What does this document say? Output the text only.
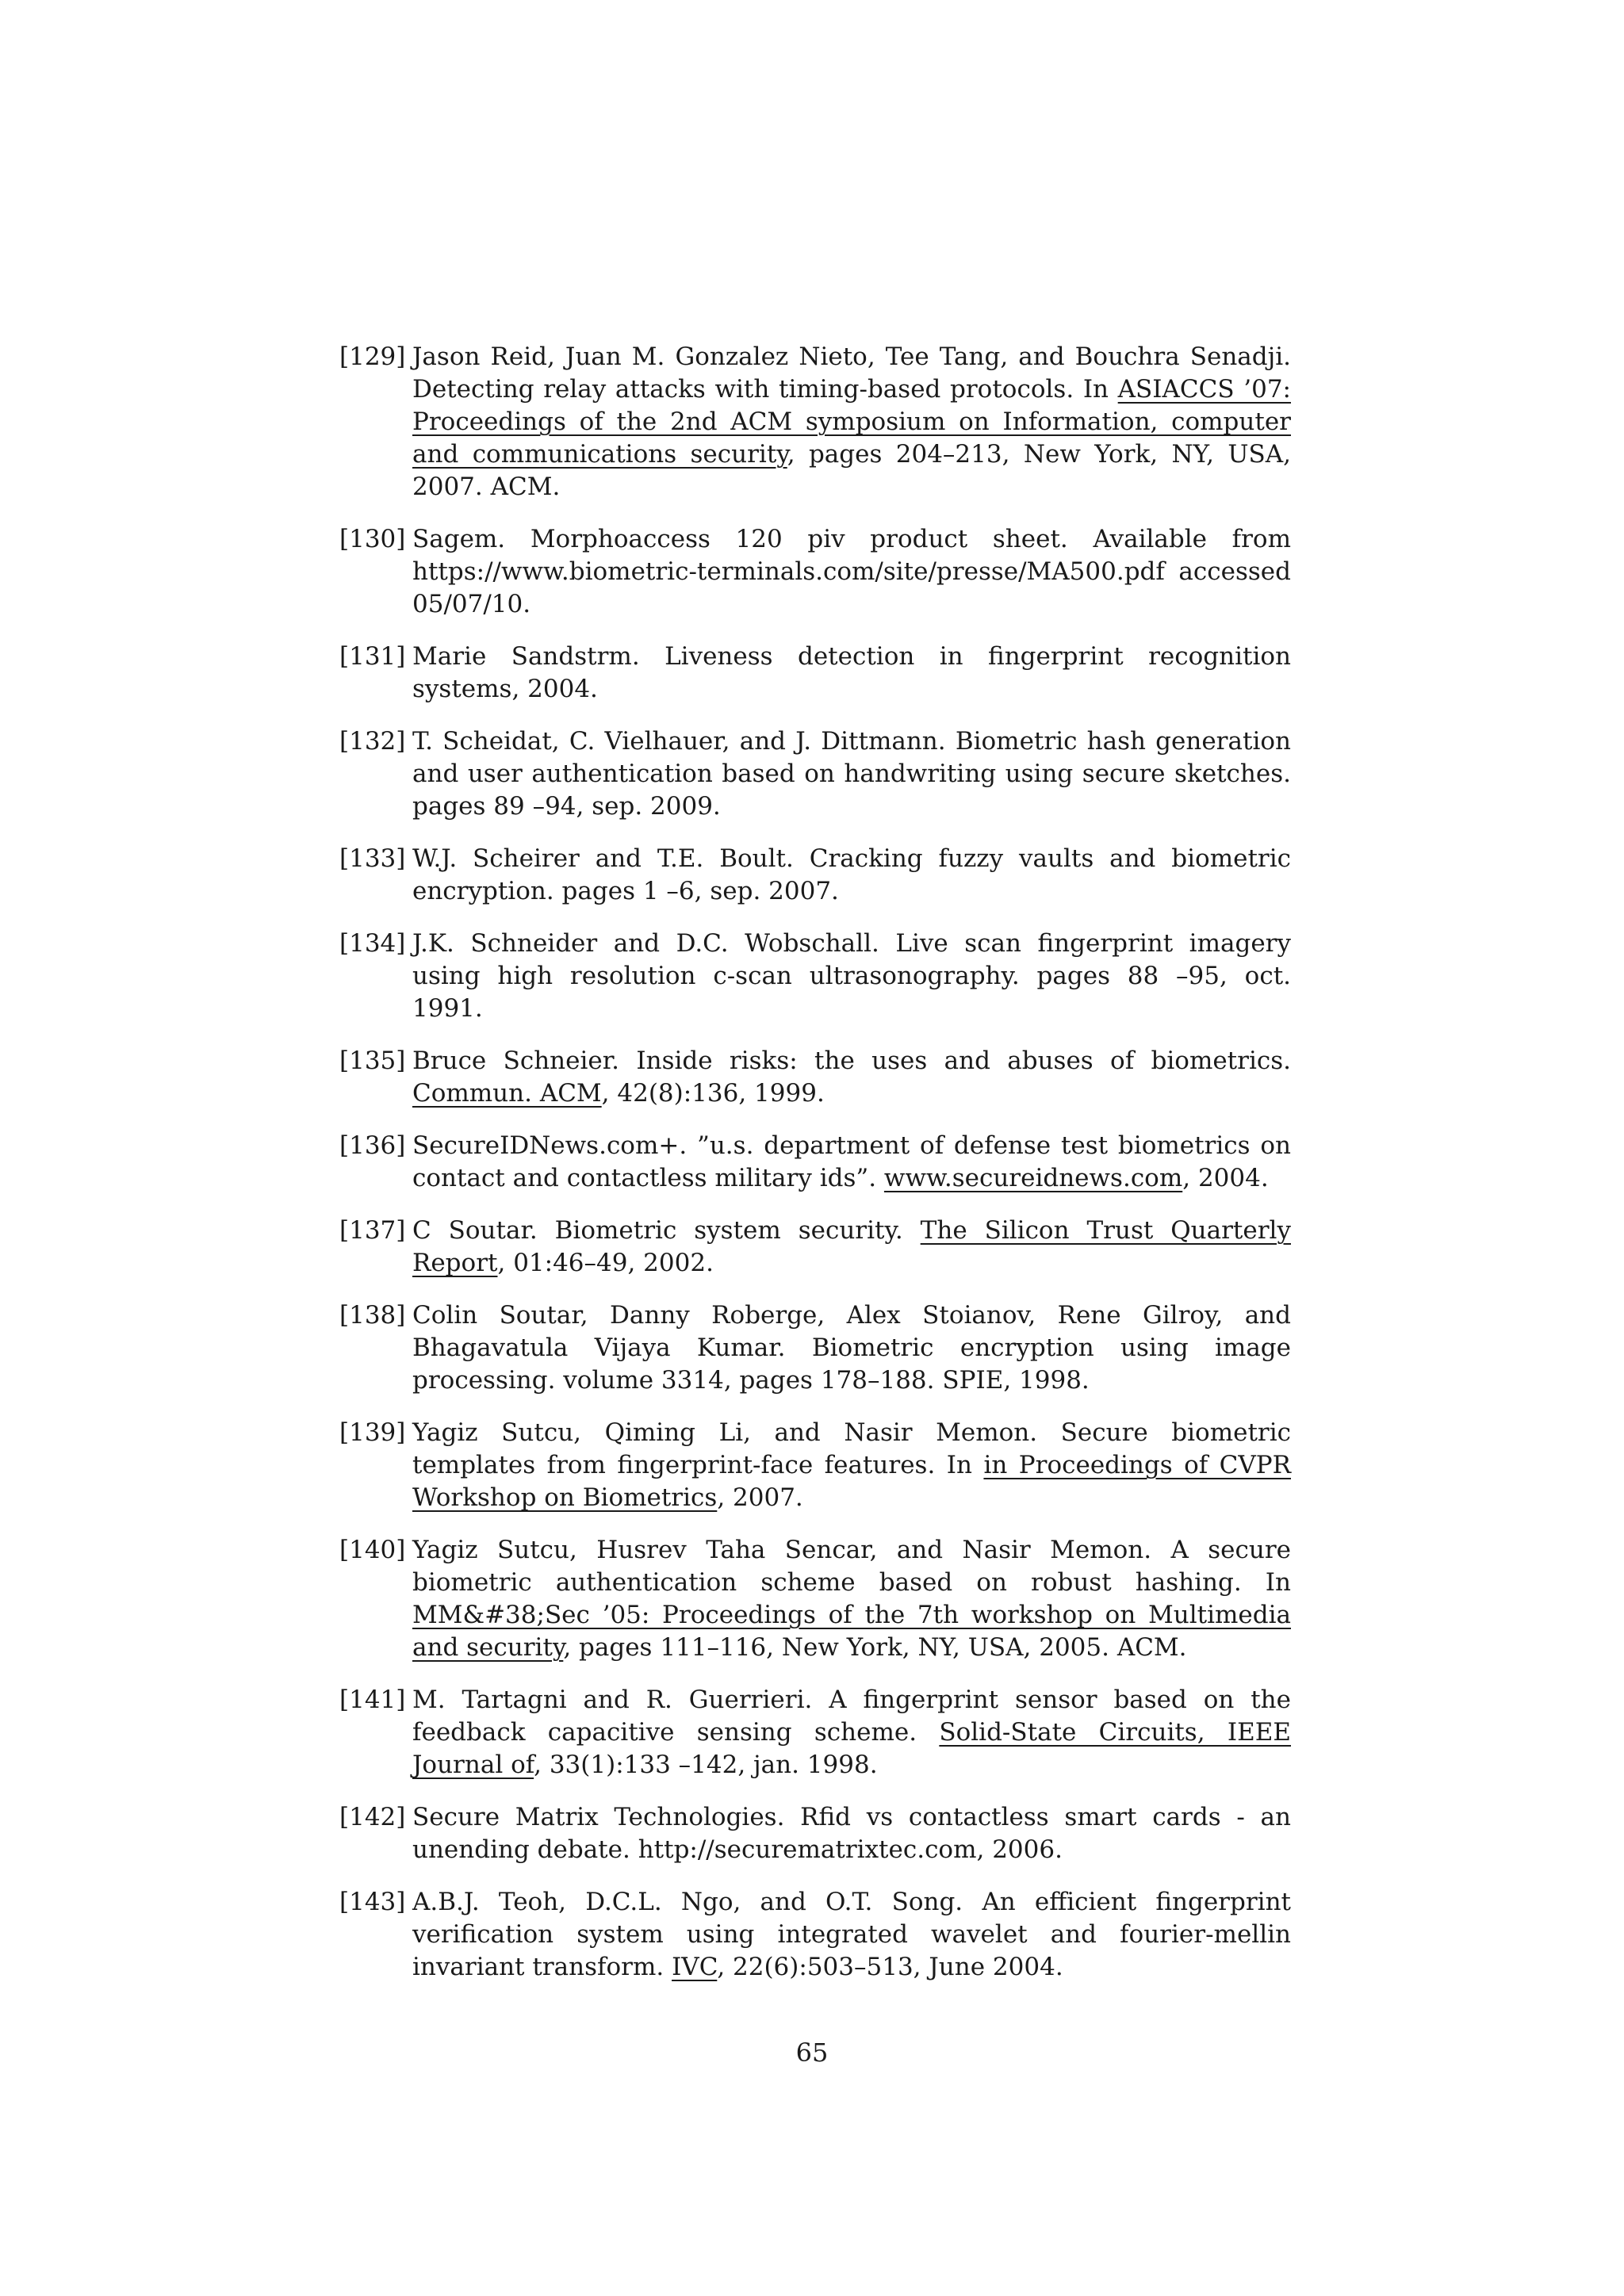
[129] Jason Reid, Juan M. Gonzalez Nieto, Tee Tang, and Bouchra Senadji. Detecting relay attacks with timing-based protocols. In ASIACCS ’07: Proceedings of the 2nd ACM symposium on Information, computer and communications security, pages 204–213, New York, NY, USA, 2007. ACM.
[130] Sagem. Morphoaccess 120 piv product sheet. Available from https://www.biometric-terminals.com/site/presse/MA500.pdf accessed 05/07/10.
[131] Marie Sandstrm. Liveness detection in fingerprint recognition systems, 2004.
[132] T. Scheidat, C. Vielhauer, and J. Dittmann. Biometric hash generation and user authentication based on handwriting using secure sketches. pages 89 –94, sep. 2009.
[133] W.J. Scheirer and T.E. Boult. Cracking fuzzy vaults and biometric encryption. pages 1 –6, sep. 2007.
[134] J.K. Schneider and D.C. Wobschall. Live scan fingerprint imagery using high resolution c-scan ultrasonography. pages 88 –95, oct. 1991.
[135] Bruce Schneier. Inside risks: the uses and abuses of biometrics. Commun. ACM, 42(8):136, 1999.
[136] SecureIDNews.com+. ”u.s. department of defense test biometrics on contact and contactless military ids”. www.secureidnews.com, 2004.
[137] C Soutar. Biometric system security. The Silicon Trust Quarterly Report, 01:46–49, 2002.
[138] Colin Soutar, Danny Roberge, Alex Stoianov, Rene Gilroy, and Bhagavatula Vijaya Kumar. Biometric encryption using image processing. volume 3314, pages 178–188. SPIE, 1998.
[139] Yagiz Sutcu, Qiming Li, and Nasir Memon. Secure biometric templates from fingerprint-face features. In in Proceedings of CVPR Workshop on Biometrics, 2007.
[140] Yagiz Sutcu, Husrev Taha Sencar, and Nasir Memon. A secure biometric authentication scheme based on robust hashing. In MM&#38;Sec ’05: Proceedings of the 7th workshop on Multimedia and security, pages 111–116, New York, NY, USA, 2005. ACM.
[141] M. Tartagni and R. Guerrieri. A fingerprint sensor based on the feedback capacitive sensing scheme. Solid-State Circuits, IEEE Journal of, 33(1):133 –142, jan. 1998.
[142] Secure Matrix Technologies. Rfid vs contactless smart cards - an unending debate. http://securematrixtec.com, 2006.
[143] A.B.J. Teoh, D.C.L. Ngo, and O.T. Song. An efficient fingerprint verification system using integrated wavelet and fourier-mellin invariant transform. IVC, 22(6):503–513, June 2004.
65
